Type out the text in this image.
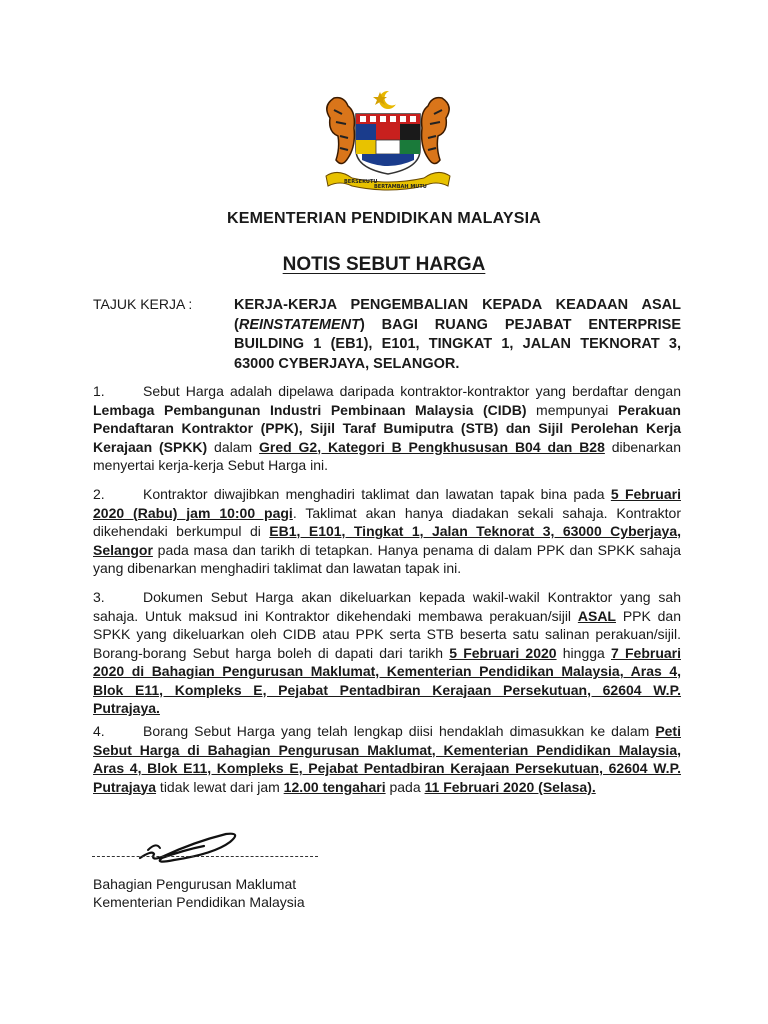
BERSEKUTU
BERTAMBAH MUTU
KEMENTERIAN PENDIDIKAN MALAYSIA
NOTIS SEBUT HARGA
TAJUK KERJA :	KERJA-KERJA PENGEMBALIAN KEPADA KEADAAN ASAL (REINSTATEMENT) BAGI RUANG PEJABAT ENTERPRISE BUILDING 1 (EB1), E101, TINGKAT 1, JALAN TEKNORAT 3, 63000 CYBERJAYA, SELANGOR.
1.	Sebut Harga adalah dipelawa daripada kontraktor-kontraktor yang berdaftar dengan Lembaga Pembangunan Industri Pembinaan Malaysia (CIDB) mempunyai Perakuan Pendaftaran Kontraktor (PPK), Sijil Taraf Bumiputra (STB) dan Sijil Perolehan Kerja Kerajaan (SPKK) dalam Gred G2, Kategori B Pengkhususan B04 dan B28 dibenarkan menyertai kerja-kerja Sebut Harga ini.
2.	Kontraktor diwajibkan menghadiri taklimat dan lawatan tapak bina pada 5 Februari 2020 (Rabu) jam 10:00 pagi. Taklimat akan hanya diadakan sekali sahaja. Kontraktor dikehendaki berkumpul di EB1, E101, Tingkat 1, Jalan Teknorat 3, 63000 Cyberjaya, Selangor pada masa dan tarikh di tetapkan. Hanya penama di dalam PPK dan SPKK sahaja yang dibenarkan menghadiri taklimat dan lawatan tapak ini.
3.	Dokumen Sebut Harga akan dikeluarkan kepada wakil-wakil Kontraktor yang sah sahaja. Untuk maksud ini Kontraktor dikehendaki membawa perakuan/sijil ASAL PPK dan SPKK yang dikeluarkan oleh CIDB atau PPK serta STB beserta satu salinan perakuan/sijil. Borang-borang Sebut harga boleh di dapati dari tarikh 5 Februari 2020 hingga 7 Februari 2020 di Bahagian Pengurusan Maklumat, Kementerian Pendidikan Malaysia, Aras 4, Blok E11, Kompleks E, Pejabat Pentadbiran Kerajaan Persekutuan, 62604 W.P. Putrajaya.
4.	Borang Sebut Harga yang telah lengkap diisi hendaklah dimasukkan ke dalam Peti Sebut Harga di Bahagian Pengurusan Maklumat, Kementerian Pendidikan Malaysia, Aras 4, Blok E11, Kompleks E, Pejabat Pentadbiran Kerajaan Persekutuan, 62604 W.P. Putrajaya tidak lewat dari jam 12.00 tengahari pada 11 Februari 2020 (Selasa).
Bahagian Pengurusan Maklumat
Kementerian Pendidikan Malaysia
